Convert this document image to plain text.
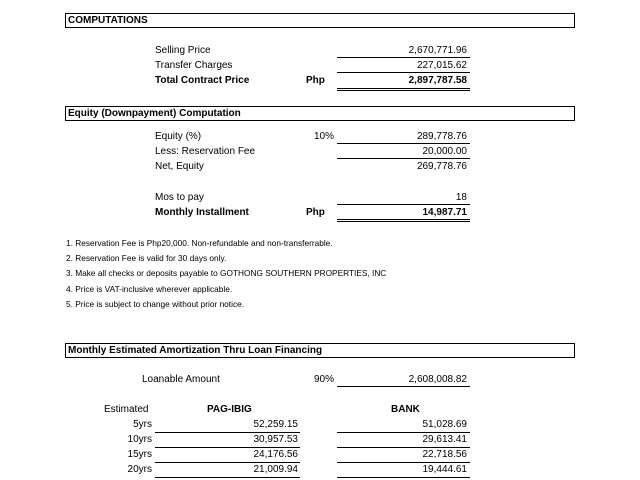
COMPUTATIONS
Selling Price	2,670,771.96
Transfer Charges	227,015.62
Total Contract Price	Php	2,897,787.58
Equity (Downpayment) Computation
Equity (%)	10%	289,778.76
Less: Reservation Fee	20,000.00
Net, Equity	269,778.76
Mos to pay	18
Monthly Installment	Php	14,987.71
1. Reservation Fee is Php20,000. Non-refundable and non-transferrable.
2. Reservation Fee is valid for 30 days only.
3. Make all checks or deposits payable to GOTHONG SOUTHERN PROPERTIES, INC
4. Price is VAT-inclusive wherever applicable.
5. Price is subject to change without prior notice.
Monthly Estimated Amortization Thru Loan Financing
Loanable Amount	90%	2,608,008.82
Estimated	PAG-IBIG	BANK
5yrs	52,259.15	51,028.69
10yrs	30,957.53	29,613.41
15yrs	24,176.56	22,718.56
20yrs	21,009.94	19,444.61
